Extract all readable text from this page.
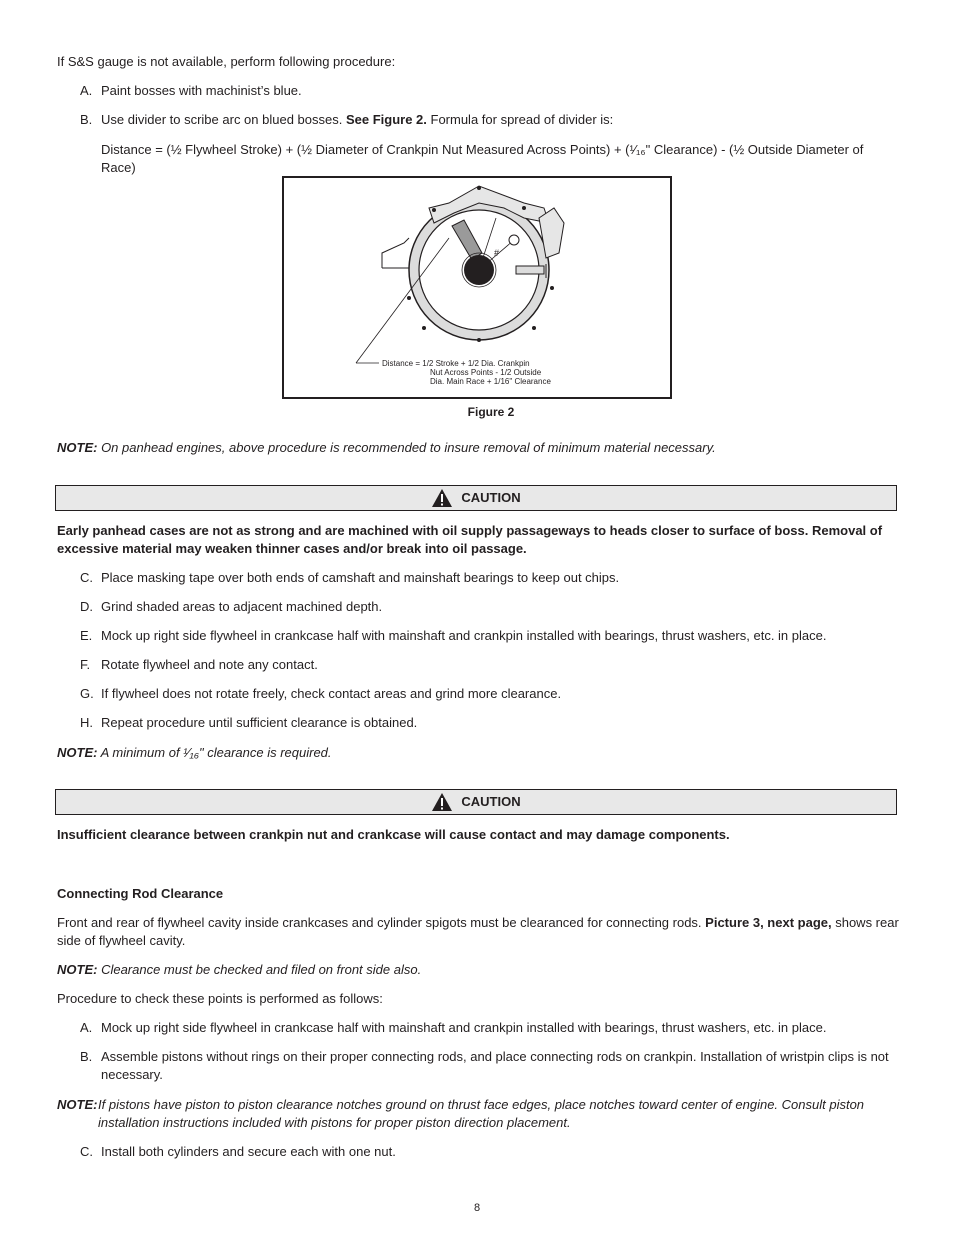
If S&S gauge is not available, perform following procedure:
A. Paint bosses with machinist’s blue.
B. Use divider to scribe arc on blued bosses. See Figure 2. Formula for spread of divider is:
Distance = (½ Flywheel Stroke) + (½ Diameter of Crankpin Nut Measured Across Points) + (¹⁄₁₆" Clearance) - (½ Outside Diameter of Race)
#
Distance = 1/2 Stroke + 1/2 Dia. Crankpin
Nut Across Points - 1/2 Outside
Dia. Main Race + 1/16" Clearance
Figure 2
NOTE: On panhead engines, above procedure is recommended to insure removal of minimum material necessary.
CAUTION
Early panhead cases are not as strong and are machined with oil supply passageways to heads closer to surface of boss. Removal of excessive material may weaken thinner cases and/or break into oil passage.
C. Place masking tape over both ends of camshaft and mainshaft bearings to keep out chips.
D. Grind shaded areas to adjacent machined depth.
E. Mock up right side flywheel in crankcase half with mainshaft and crankpin installed with bearings, thrust washers, etc. in place.
F. Rotate flywheel and note any contact.
G. If flywheel does not rotate freely, check contact areas and grind more clearance.
H. Repeat procedure until sufficient clearance is obtained.
NOTE: A minimum of ¹⁄₁₆" clearance is required.
CAUTION
Insufficient clearance between crankpin nut and crankcase will cause contact and may damage components.
Connecting Rod Clearance
Front and rear of flywheel cavity inside crankcases and cylinder spigots must be clearanced for connecting rods. Picture 3, next page, shows rear side of flywheel cavity.
NOTE: Clearance must be checked and filed on front side also.
Procedure to check these points is performed as follows:
A. Mock up right side flywheel in crankcase half with mainshaft and crankpin installed with bearings, thrust washers, etc. in place.
B. Assemble pistons without rings on their proper connecting rods, and place connecting rods on crankpin. Installation of wristpin clips is not necessary.
NOTE: If pistons have piston to piston clearance notches ground on thrust face edges, place notches toward center of engine. Consult piston installation instructions included with pistons for proper piston direction placement.
C. Install both cylinders and secure each with one nut.
8
